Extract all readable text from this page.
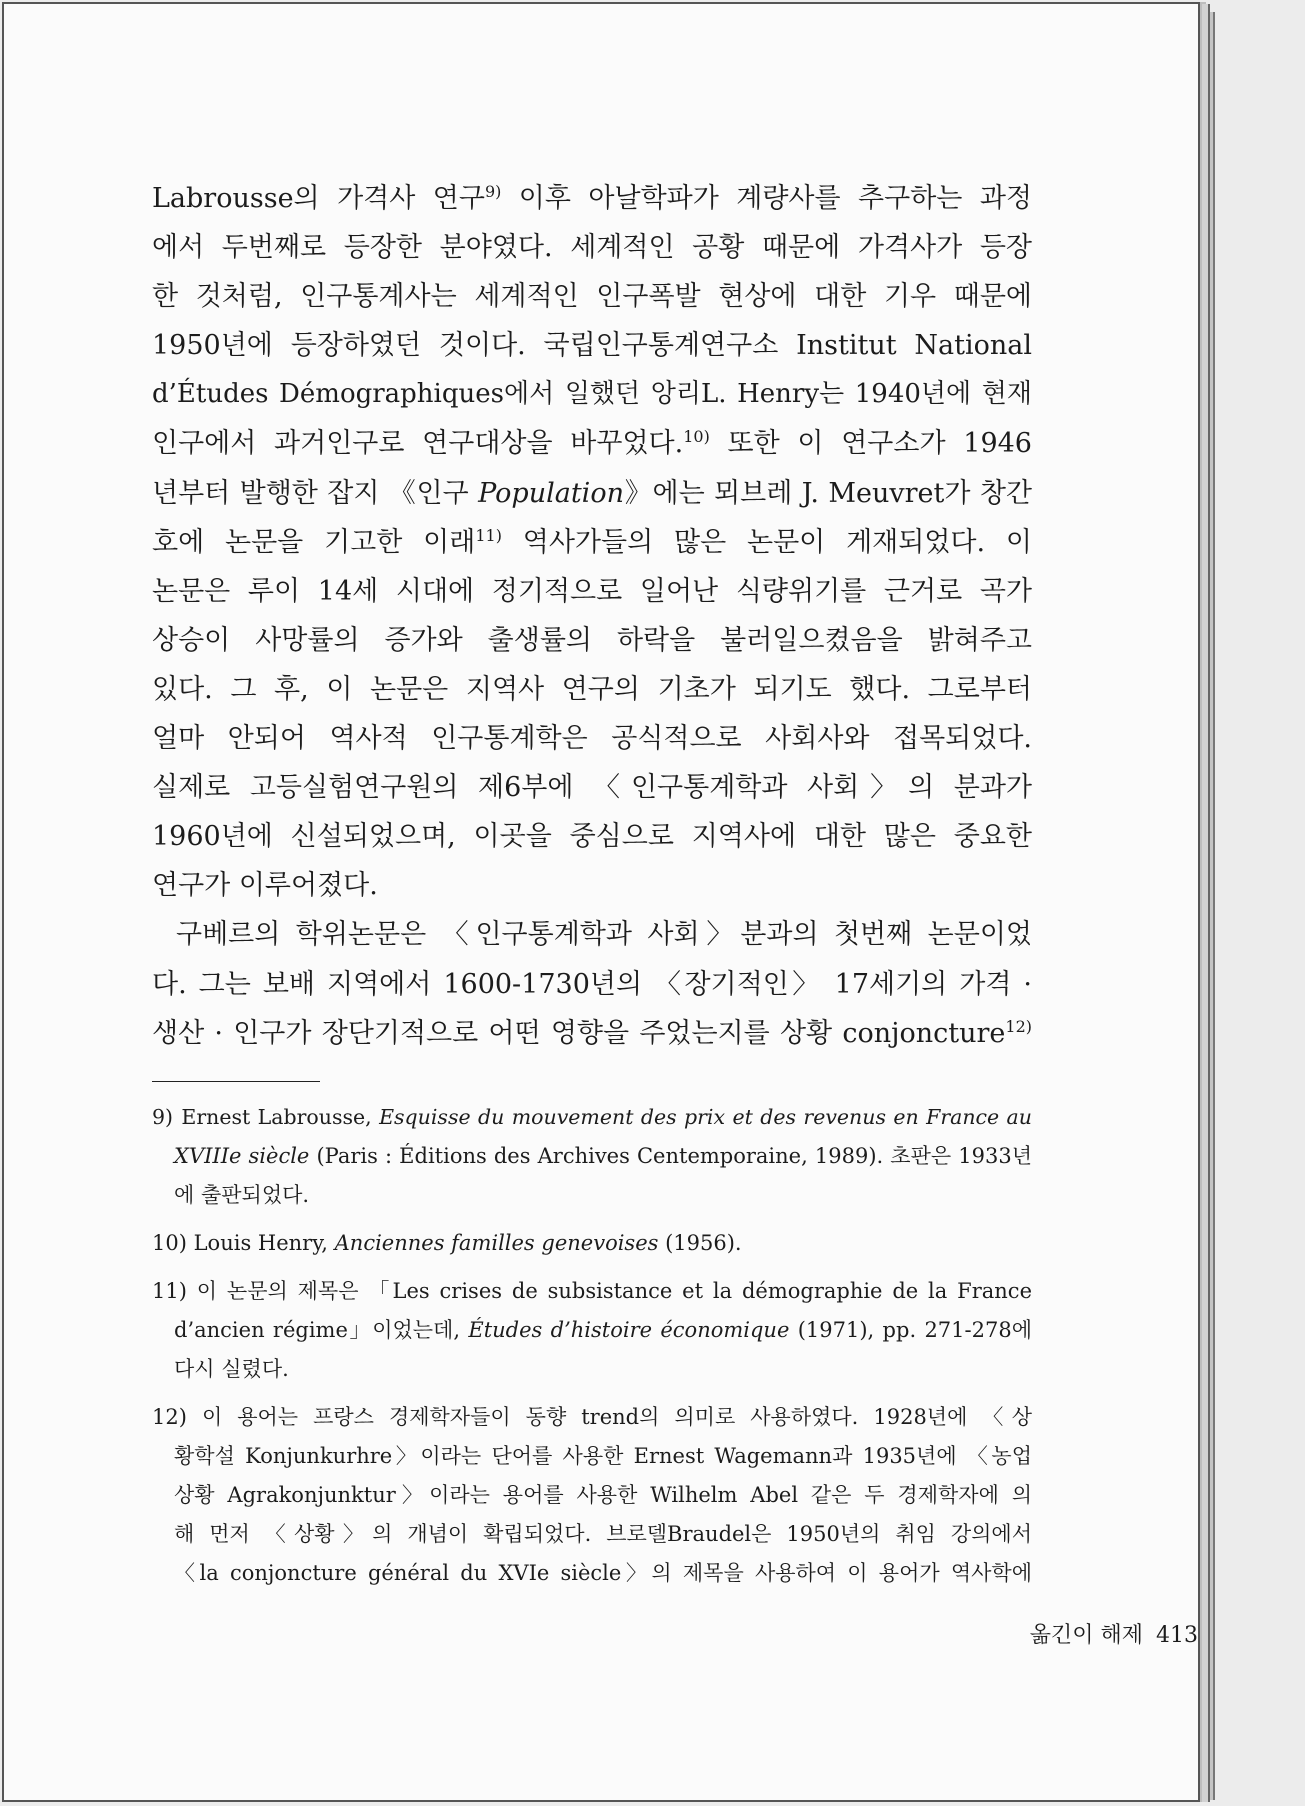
Labrousse의 가격사 연구$^{9)}$ 이후 아날학파가 계량사를 추구하는 과정
에서 두번째로 등장한 분야였다. 세계적인 공황 때문에 가격사가 등장
한 것처럼, 인구통계사는 세계적인 인구폭발 현상에 대한 기우 때문에
1950년에 등장하였던 것이다. 국립인구통계연구소 Institut National
d’Études Démographiques에서 일했던 앙리L. Henry는 1940년에 현재
인구에서 과거인구로 연구대상을 바꾸었다.$^{10)}$ 또한 이 연구소가 1946
년부터 발행한 잡지 《인구 Population》에는 뫼브레 J. Meuvret가 창간
호에 논문을 기고한 이래$^{11)}$ 역사가들의 많은 논문이 게재되었다. 이
논문은 루이 14세 시대에 정기적으로 일어난 식량위기를 근거로 곡가
상승이 사망률의 증가와 출생률의 하락을 불러일으켰음을 밝혀주고
있다. 그 후, 이 논문은 지역사 연구의 기초가 되기도 했다. 그로부터
얼마 안되어 역사적 인구통계학은 공식적으로 사회사와 접목되었다.
실제로 고등실험연구원의 제6부에 〈인구통계학과 사회〉의 분과가
1960년에 신설되었으며, 이곳을 중심으로 지역사에 대한 많은 중요한
연구가 이루어졌다.
구베르의 학위논문은 〈인구통계학과 사회〉분과의 첫번째 논문이었
다. 그는 보배 지역에서 1600-1730년의 〈장기적인〉 17세기의 가격 ·
생산 · 인구가 장단기적으로 어떤 영향을 주었는지를 상황 conjoncture$^{12)}$
9) Ernest Labrousse, Esquisse du mouvement des prix et des revenus en France au
XVIIIe siècle (Paris : Éditions des Archives Centemporaine, 1989). 초판은 1933년
에 출판되었다.
10) Louis Henry, Anciennes familles genevoises (1956).
11) 이 논문의 제목은 「Les crises de subsistance et la démographie de la France
d’ancien régime」이었는데, Études d’histoire économique (1971), pp. 271-278에
다시 실렸다.
12) 이 용어는 프랑스 경제학자들이 동향 trend의 의미로 사용하였다. 1928년에 〈상
황학설 Konjunkurhre〉이라는 단어를 사용한 Ernest Wagemann과 1935년에 〈농업
상황 Agrakonjunktur〉이라는 용어를 사용한 Wilhelm Abel 같은 두 경제학자에 의
해 먼저 〈상황〉의 개념이 확립되었다. 브로델Braudel은 1950년의 취임 강의에서
〈la conjoncture général du XVIe siècle〉의 제목을 사용하여 이 용어가 역사학에
옮긴이 해제 413
